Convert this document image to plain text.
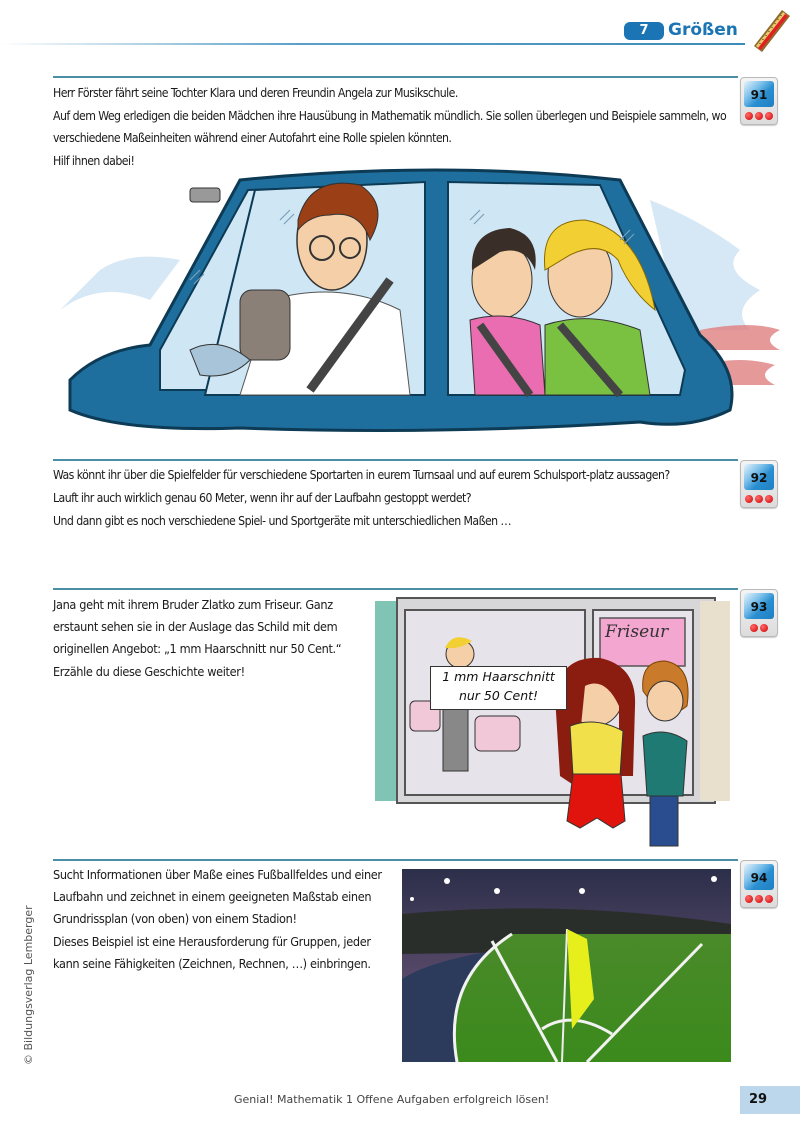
7	Größen
91

Herr Förster fährt seine Tochter Klara und deren Freundin Angela zur Musikschule.

Auf dem Weg erledigen die beiden Mädchen ihre Hausübung in Mathematik mündlich. Sie sollen überlegen und Beispiele sammeln, wo verschiedene Maßeinheiten während einer Autofahrt eine Rolle spielen könnten.

Hilf ihnen dabei!

92

Was könnt ihr über die Spielfelder für verschiedene Sportarten in eurem Turnsaal und auf eurem Schulsport-platz aussagen?

Lauft ihr auch wirklich genau 60 Meter, wenn ihr auf der Laufbahn gestoppt werdet?

Und dann gibt es noch verschiedene Spiel- und Sportgeräte mit unterschiedlichen Maßen …

93

Jana geht mit ihrem Bruder Zlatko zum Friseur. Ganz erstaunt sehen sie in der Auslage das Schild mit dem originellen Angebot: „1 mm Haarschnitt nur 50 Cent.“

Erzähle du diese Geschichte weiter!	1 mm Haarschnitt
nur 50 Cent!
Friseur
94

Sucht Informationen über Maße eines Fußballfeldes und einer Laufbahn und zeichnet in einem geeigneten Maßstab einen Grundrissplan (von oben) von einem Stadion!

Dieses Beispiel ist eine Herausforderung für Gruppen, jeder kann seine Fähigkeiten (Zeichnen, Rechnen, …) einbringen.

© Bildungsverlag Lemberger
Genial! Mathematik 1 Offene Aufgaben erfolgreich lösen!	29
